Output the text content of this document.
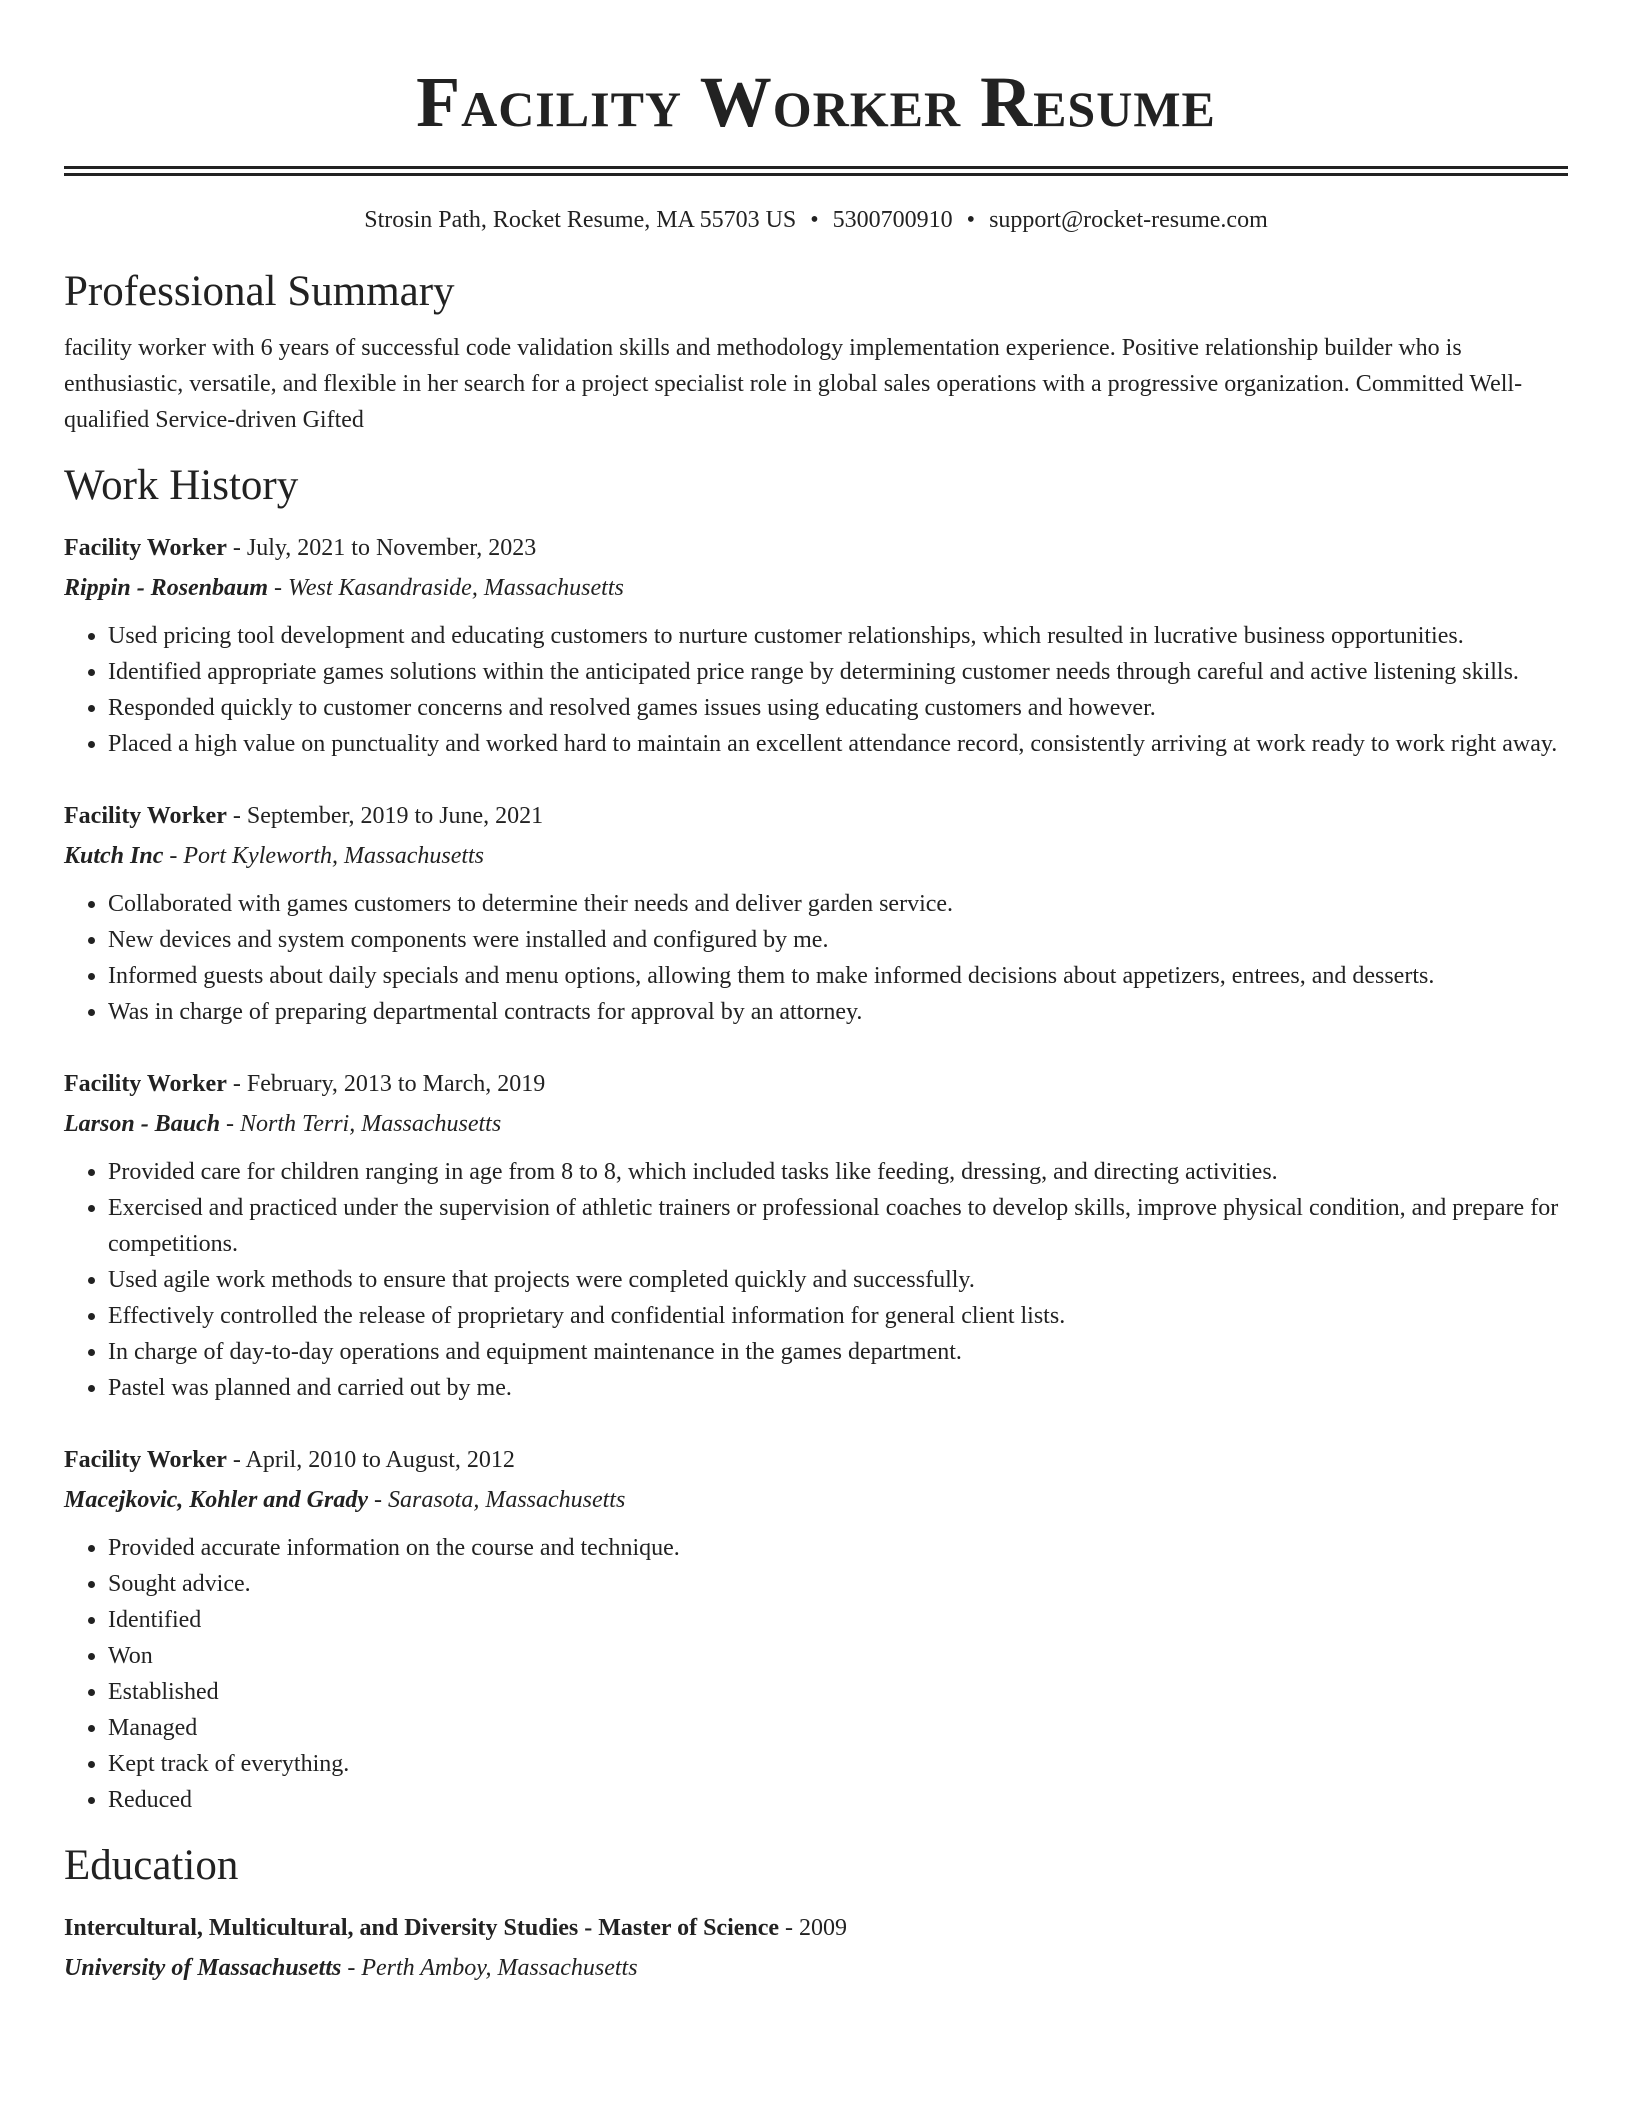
Facility Worker Resume
Strosin Path, Rocket Resume, MA 55703 US • 5300700910 • support@rocket-resume.com
Professional Summary
facility worker with 6 years of successful code validation skills and methodology implementation experience. Positive relationship builder who is enthusiastic, versatile, and flexible in her search for a project specialist role in global sales operations with a progressive organization. Committed Well-qualified Service-driven Gifted
Work History
Facility Worker - July, 2021 to November, 2023
Rippin - Rosenbaum - West Kasandraside, Massachusetts
• Used pricing tool development and educating customers to nurture customer relationships, which resulted in lucrative business opportunities.
• Identified appropriate games solutions within the anticipated price range by determining customer needs through careful and active listening skills.
• Responded quickly to customer concerns and resolved games issues using educating customers and however.
• Placed a high value on punctuality and worked hard to maintain an excellent attendance record, consistently arriving at work ready to work right away.
Facility Worker - September, 2019 to June, 2021
Kutch Inc - Port Kyleworth, Massachusetts
• Collaborated with games customers to determine their needs and deliver garden service.
• New devices and system components were installed and configured by me.
• Informed guests about daily specials and menu options, allowing them to make informed decisions about appetizers, entrees, and desserts.
• Was in charge of preparing departmental contracts for approval by an attorney.
Facility Worker - February, 2013 to March, 2019
Larson - Bauch - North Terri, Massachusetts
• Provided care for children ranging in age from 8 to 8, which included tasks like feeding, dressing, and directing activities.
• Exercised and practiced under the supervision of athletic trainers or professional coaches to develop skills, improve physical condition, and prepare for competitions.
• Used agile work methods to ensure that projects were completed quickly and successfully.
• Effectively controlled the release of proprietary and confidential information for general client lists.
• In charge of day-to-day operations and equipment maintenance in the games department.
• Pastel was planned and carried out by me.
Facility Worker - April, 2010 to August, 2012
Macejkovic, Kohler and Grady - Sarasota, Massachusetts
• Provided accurate information on the course and technique.
• Sought advice.
• Identified
• Won
• Established
• Managed
• Kept track of everything.
• Reduced
Education
Intercultural, Multicultural, and Diversity Studies - Master of Science - 2009
University of Massachusetts - Perth Amboy, Massachusetts
